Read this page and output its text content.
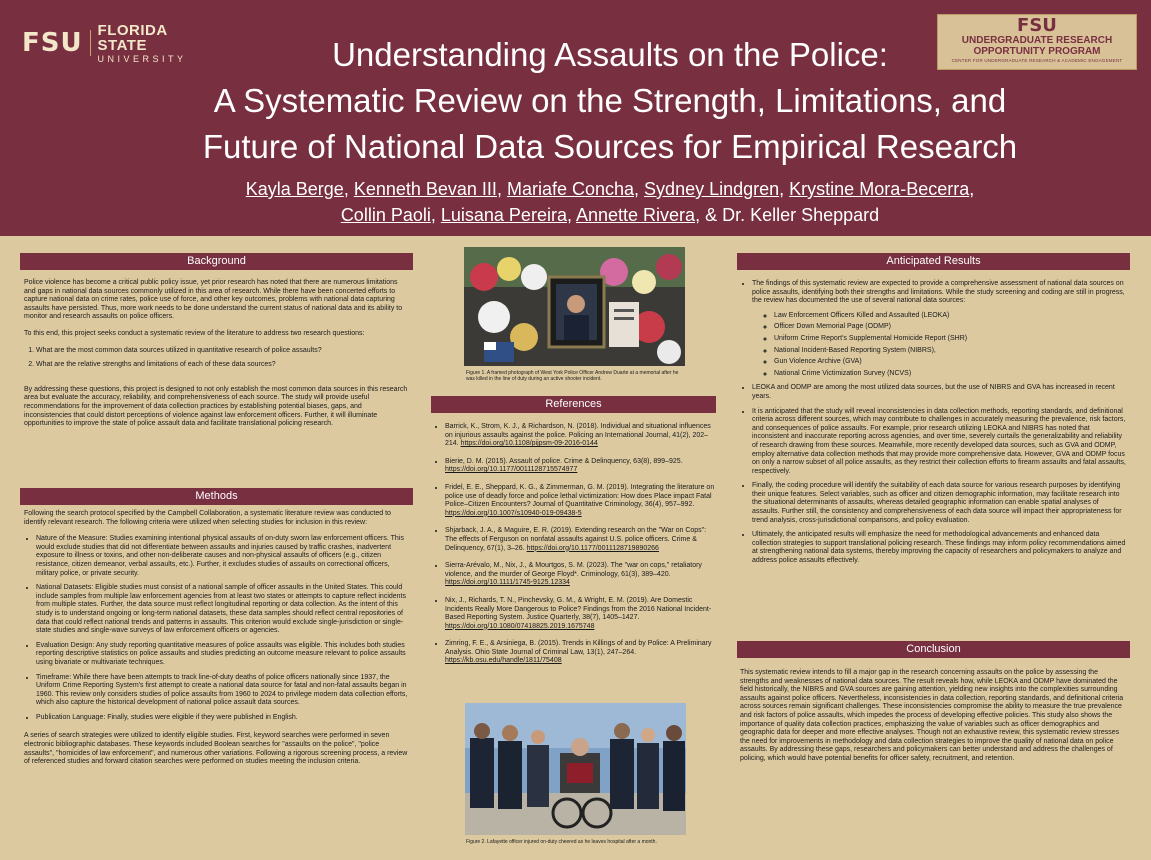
FSU FLORIDA STATE
UNIVERSITY	Understanding Assaults on the Police:
A Systematic Review on the Strength, Limitations, and
Future of National Data Sources for Empirical Research
Kayla Berge, Kenneth Bevan III, Mariafe Concha, Sydney Lindgren, Krystine Mora-Becerra,
Collin Paoli, Luisana Pereira, Annette Rivera, & Dr. Keller Sheppard
FSU
UNDERGRADUATE RESEARCH
OPPORTUNITY PROGRAM
CENTER FOR UNDERGRADUATE RESEARCH & ACADEMIC ENGAGEMENT
Background

Police violence has become a critical public policy issue, yet prior research has noted that there are numerous limitations and gaps in national data sources commonly utilized in this area of research. While there have been concerted efforts to capture national data on crime rates, police use of force, and other key outcomes, problems with national data capturing assaults have persisted. Thus, more work needs to be done understand the current status of national data and its ability to monitor and research assaults on police officers.

To this end, this project seeks conduct a systematic review of the literature to address two research questions:

1. What are the most common data sources utilized in quantitative research of police assaults?
2. What are the relative strengths and limitations of each of these data sources?

By addressing these questions, this project is designed to not only establish the most common data sources in this research area but evaluate the accuracy, reliability, and comprehensiveness of each source. The study will provide useful recommendations for the improvement of data collection practices by establishing potential biases, gaps, and inconsistencies that could distort perceptions of violence against law enforcement officers. Further, it will illuminate opportunities to improve the state of police assault data and facilitate translational policing research.

Methods

Following the search protocol specified by the Campbell Collaboration, a systematic literature review was conducted to identify relevant research. The following criteria were utilized when selecting studies for inclusion in this review:

• Nature of the Measure: Studies examining intentional physical assaults of on-duty sworn law enforcement officers. This would exclude studies that did not differentiate between assaults and injuries caused by traffic crashes, inadvertent exposure to illness or toxins, and other non-deliberate causes and non-physical assaults of officers (e.g., citizen resistance, citizen demeanor, verbal assaults, etc.). Further, it excludes studies of assaults on correctional officers, military police, or private security.
• National Datasets: Eligible studies must consist of a national sample of officer assaults in the United States. This could include samples from multiple law enforcement agencies from at least two states or attempts to capture reflect incidents from multiple states. Further, the data source must reflect longitudinal reporting or data collection. As the intent of this study is to understand ongoing or long-term national datasets, these data samples should reflect central repositories of data that could reflect national trends and patterns in assaults. This criterion would exclude single-jurisdiction or single-state studies and single-wave surveys of law enforcement officers or agencies.
• Evaluation Design: Any study reporting quantitative measures of police assaults was eligible. This includes both studies reporting descriptive statistics on police assaults and studies predicting an outcome measure relevant to police assaults using bivariate or multivariate techniques.
• Timeframe: While there have been attempts to track line-of-duty deaths of police officers nationally since 1937, the Uniform Crime Reporting System's first attempt to create a national data source for fatal and non-fatal assaults began in 1960. This review only considers studies of police assaults from 1960 to 2024 to privilege modern data collection efforts, which also capture the historical development of national police assault data sources.
• Publication Language: Finally, studies were eligible if they were published in English.

A series of search strategies were utilized to identify eligible studies. First, keyword searches were performed in seven electronic bibliographic databases. These keywords included Boolean searches for "assaults on the police", "police assaults", "homicides of law enforcement", and numerous other variations. Following a rigorous screening process, a review of referenced studies and forward citation searches were performed on studies meeting the inclusion criteria.

Figure 1. A framed photograph of West York Police Officer Andrew Duarte at a memorial after he was killed in the line of duty during an active shooter incident.
References
• Barrick, K., Strom, K. J., & Richardson, N. (2018). Individual and situational influences on injurious assaults against the police. Policing an International Journal, 41(2), 202–214. https://doi.org/10.1108/pijpsm-09-2016-0144
• Bierie, D. M. (2015). Assault of police. Crime & Delinquency, 63(8), 899–925. https://doi.org/10.1177/0011128715574977
• Fridel, E. E., Sheppard, K. G., & Zimmerman, G. M. (2019). Integrating the literature on police use of deadly force and police lethal victimization: How does Place impact Fatal Police–Citizen Encounters? Journal of Quantitative Criminology, 36(4), 957–992. https://doi.org/10.1007/s10940-019-09438-5
• Shjarback, J. A., & Maguire, E. R. (2019). Extending research on the "War on Cops": The effects of Ferguson on nonfatal assaults against U.S. police officers. Crime & Delinquency, 67(1), 3–26. https://doi.org/10.1177/0011128719890266
• Sierra-Arévalo, M., Nix, J., & Mourtgos, S. M. (2023). The "war on cops," retaliatory violence, and the murder of George Floyd*. Criminology, 61(3), 389–420. https://doi.org/10.1111/1745-9125.12334
• Nix, J., Richards, T. N., Pinchevsky, G. M., & Wright, E. M. (2019). Are Domestic Incidents Really More Dangerous to Police? Findings from the 2016 National Incident-Based Reporting System. Justice Quarterly, 38(7), 1405–1427. https://doi.org/10.1080/07418825.2019.1675748
• Zimring, F. E., & Arsiniega, B. (2015). Trends in Killings of and by Police: A Preliminary Analysis. Ohio State Journal of Criminal Law, 13(1), 247–264. https://kb.osu.edu/handle/1811/75408
Figure 2. Lafayette officer injured on-duty cheered as he leaves hospital after a month.
Anticipated Results
• The findings of this systematic review are expected to provide a comprehensive assessment of national data sources on police assaults, identifying both their strengths and limitations. While the study screening and coding are still in progress, the review has documented the use of several national data sources:
◦ Law Enforcement Officers Killed and Assaulted (LEOKA)
◦ Officer Down Memorial Page (ODMP)
◦ Uniform Crime Report's Supplemental Homicide Report (SHR)
◦ National Incident-Based Reporting System (NIBRS),
◦ Gun Violence Archive (GVA)
◦ National Crime Victimization Survey (NCVS)
• LEOKA and ODMP are among the most utilized data sources, but the use of NIBRS and GVA has increased in recent years.
• It is anticipated that the study will reveal inconsistencies in data collection methods, reporting standards, and definitional criteria across different sources, which may contribute to challenges in accurately measuring the prevalence, risk factors, and consequences of police assaults. For example, prior research utilizing LEOKA and NIBRS has noted that inconsistent and inaccurate reporting across agencies, and over time, severely curtails the generalizability and reliability of research drawing from these sources. Meanwhile, more recently developed data sources, such as GVA and ODMP, employ alternative data collection methods that may provide more comprehensive data. However, GVA and ODMP focus on only a narrow subset of all police assaults, as they restrict their collection efforts to firearm assaults and fatal assaults, respectively.
• Finally, the coding procedure will identify the suitability of each data source for various research purposes by identifying their unique features. Select variables, such as officer and citizen demographic information, may facilitate research into the situational determinants of assaults, whereas detailed geographic information can enable spatial analyses of assaults. Further still, the consistency and comprehensiveness of each data source will impact their appropriateness for trend analysis, cross-jurisdictional comparisons, and policy evaluation.
• Ultimately, the anticipated results will emphasize the need for methodological advancements and enhanced data collection strategies to support translational policing research. These findings may inform policy recommendations aimed at strengthening national data systems, thereby improving the capacity of researchers and policymakers to analyze and address police assaults effectively.
Conclusion

This systematic review intends to fill a major gap in the research concerning assaults on the police by assessing the strengths and weaknesses of national data sources. The result reveals how, while LEOKA and ODMP have dominated the field historically, the NIBRS and GVA sources are gaining attention, yielding new insights into the complexities surrounding assaults against police officers. Nevertheless, inconsistencies in data collection, reporting standards, and definitional criteria across sources remain significant challenges. These inconsistencies compromise the ability to measure the true prevalence and risk factors of police assaults, which impedes the process of developing effective policies. This study also shows the importance of quality data collection practices, emphasizing the value of variables such as officer demographics and geographic data for deeper and more effective analyses. Though not an exhaustive review, this systematic review stresses the need for improvements in methodology and data collection strategies to improve the quality of national data on police assaults. By addressing these gaps, researchers and policymakers can better understand and address the challenges of policing, which would have potential benefits for officer safety, recruitment, and retention.
